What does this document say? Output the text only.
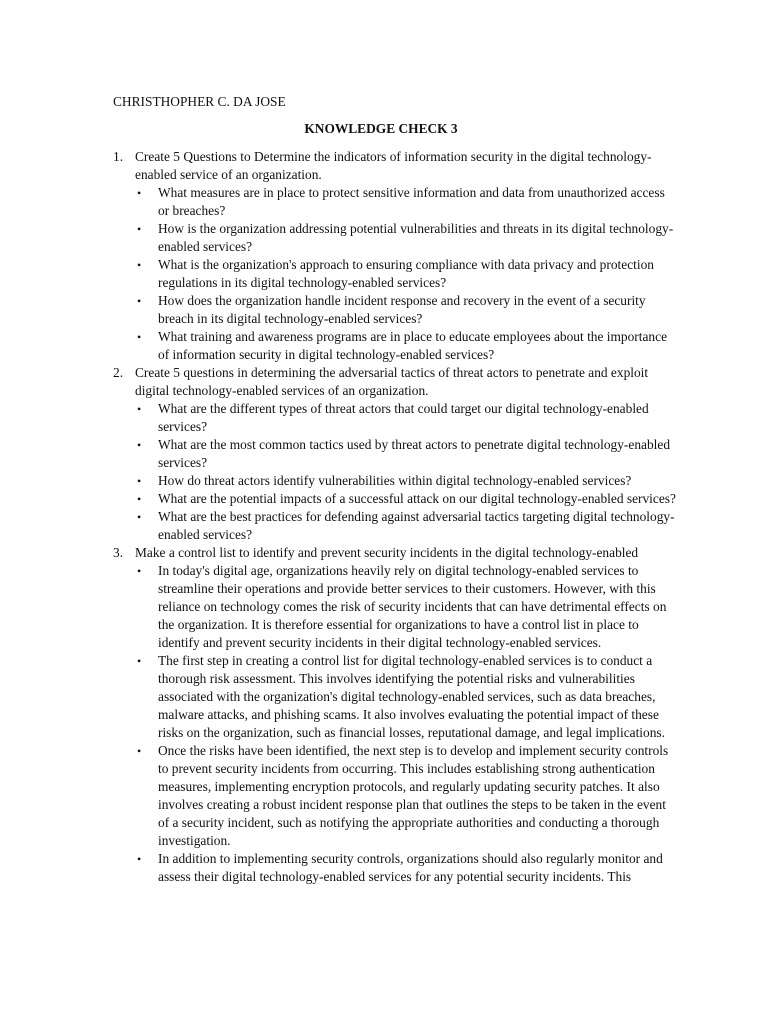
CHRISTHOPHER C. DA JOSE

KNOWLEDGE CHECK 3
1. Create 5 Questions to Determine the indicators of information security in the digital technology-enabled service of an organization.
• What measures are in place to protect sensitive information and data from unauthorized access or breaches?
• How is the organization addressing potential vulnerabilities and threats in its digital technology-enabled services?
• What is the organization's approach to ensuring compliance with data privacy and protection regulations in its digital technology-enabled services?
• How does the organization handle incident response and recovery in the event of a security breach in its digital technology-enabled services?
• What training and awareness programs are in place to educate employees about the importance of information security in digital technology-enabled services?
2. Create 5 questions in determining the adversarial tactics of threat actors to penetrate and exploit digital technology-enabled services of an organization.
• What are the different types of threat actors that could target our digital technology-enabled services?
• What are the most common tactics used by threat actors to penetrate digital technology-enabled services?
• How do threat actors identify vulnerabilities within digital technology-enabled services?
• What are the potential impacts of a successful attack on our digital technology-enabled services?
• What are the best practices for defending against adversarial tactics targeting digital technology-enabled services?
3. Make a control list to identify and prevent security incidents in the digital technology-enabled
• In today's digital age, organizations heavily rely on digital technology-enabled services to streamline their operations and provide better services to their customers. However, with this reliance on technology comes the risk of security incidents that can have detrimental effects on the organization. It is therefore essential for organizations to have a control list in place to identify and prevent security incidents in their digital technology-enabled services.
• The first step in creating a control list for digital technology-enabled services is to conduct a thorough risk assessment. This involves identifying the potential risks and vulnerabilities associated with the organization's digital technology-enabled services, such as data breaches, malware attacks, and phishing scams. It also involves evaluating the potential impact of these risks on the organization, such as financial losses, reputational damage, and legal implications.
• Once the risks have been identified, the next step is to develop and implement security controls to prevent security incidents from occurring. This includes establishing strong authentication measures, implementing encryption protocols, and regularly updating security patches. It also involves creating a robust incident response plan that outlines the steps to be taken in the event of a security incident, such as notifying the appropriate authorities and conducting a thorough investigation.
• In addition to implementing security controls, organizations should also regularly monitor and assess their digital technology-enabled services for any potential security incidents. This
